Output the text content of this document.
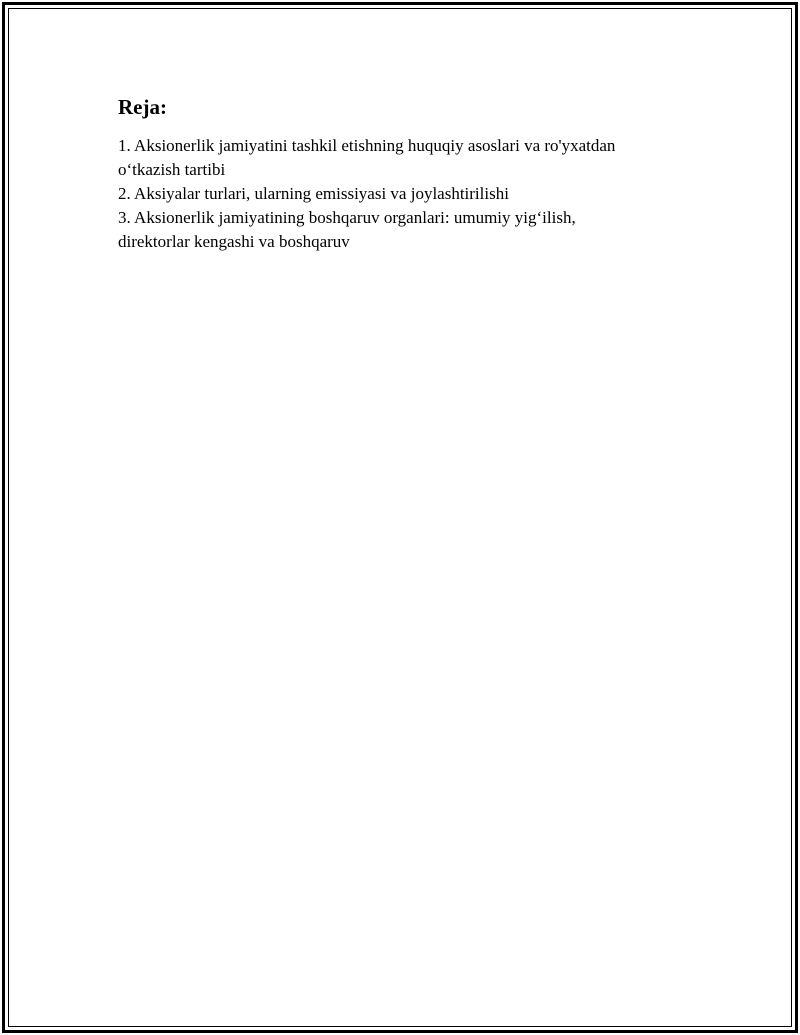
Reja:
1. Aksionerlik jamiyatini tashkil etishning huquqiy asoslari va ro'yxatdan
o‘tkazish tartibi
2. Aksiyalar turlari, ularning emissiyasi va joylashtirilishi
3. Aksionerlik jamiyatining boshqaruv organlari: umumiy yig‘ilish,
direktorlar kengashi va boshqaruv
